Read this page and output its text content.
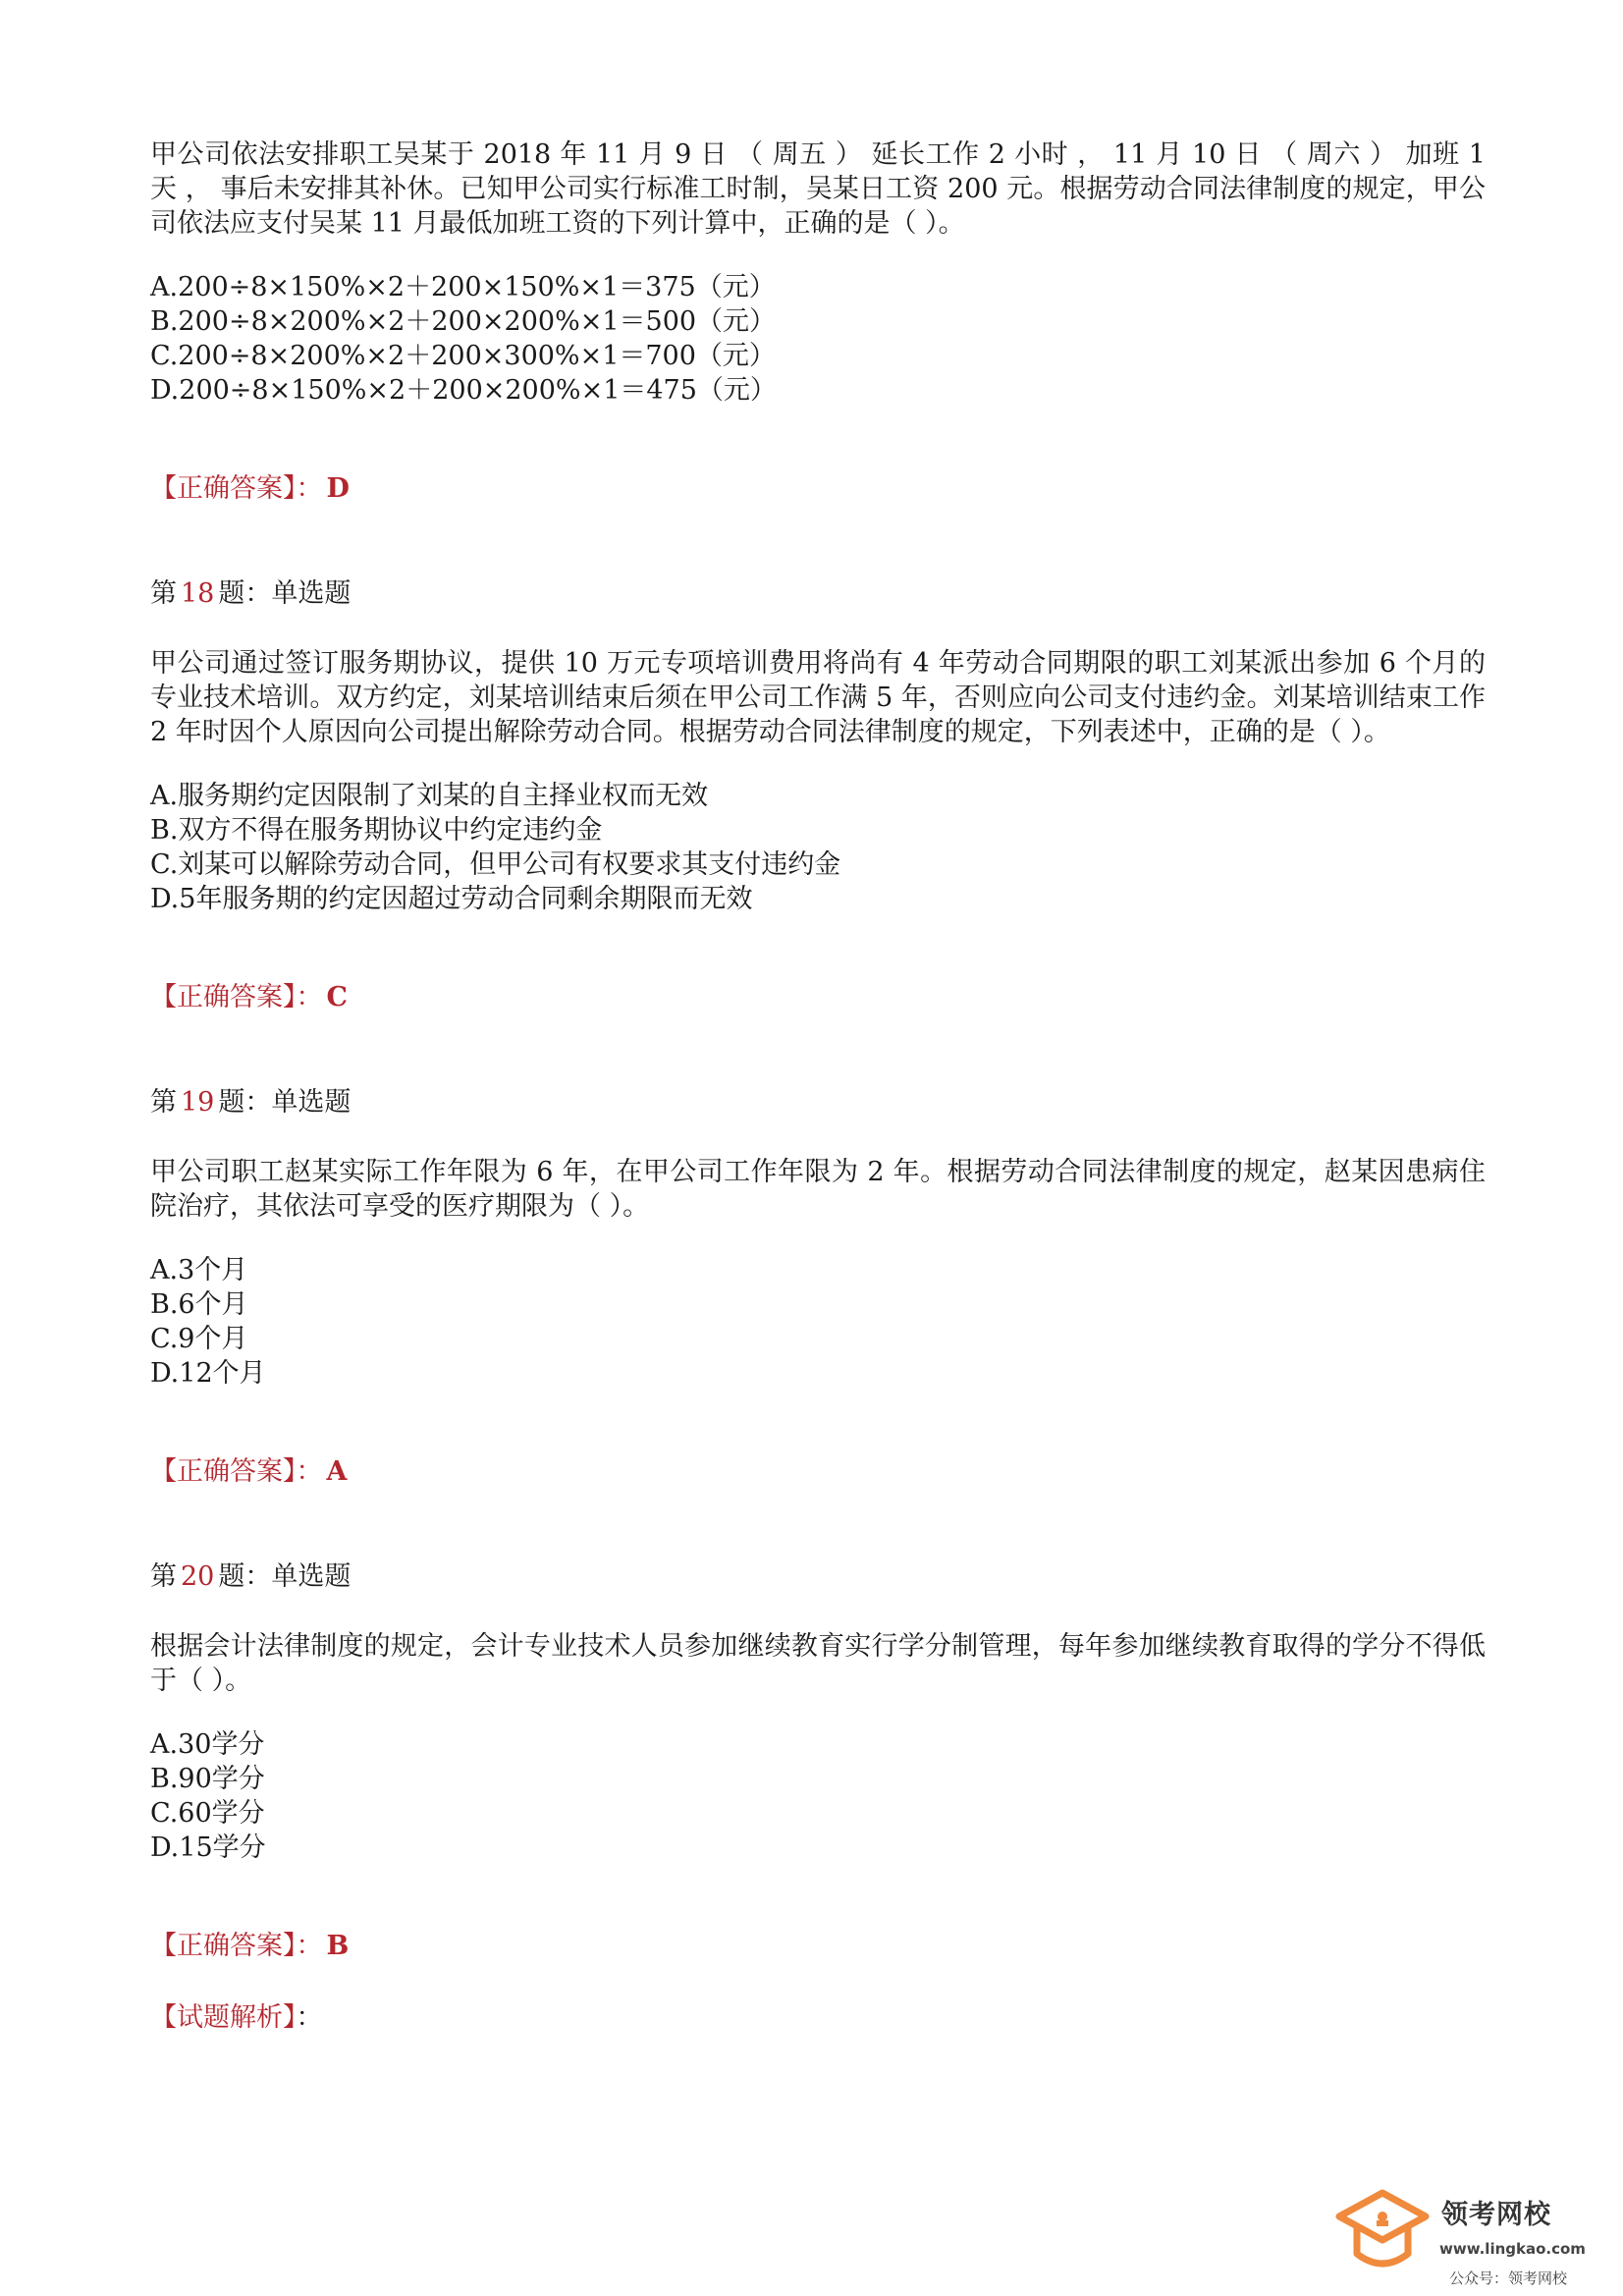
甲公司依法安排职工吴某于 2018 年 11 月 9 日 （ 周五 ） 延长工作 2 小时 ， 11 月 10 日 （ 周六 ） 加班 1 天 ， 事后未安排其补休。已知甲公司实行标准工时制，吴某日工资 200 元。根据劳动合同法律制度的规定，甲公司依法应支付吴某 11 月最低加班工资的下列计算中，正确的是（ ）。

A.200÷8×150%×2＋200×150%×1＝375（元）
B.200÷8×200%×2＋200×200%×1＝500（元）
C.200÷8×200%×2＋200×300%×1＝700（元）
D.200÷8×150%×2＋200×200%×1＝475（元）
【正确答案】： D
第 18 题：单选题

甲公司通过签订服务期协议，提供 10 万元专项培训费用将尚有 4 年劳动合同期限的职工刘某派出参加 6 个月的专业技术培训。双方约定，刘某培训结束后须在甲公司工作满 5 年，否则应向公司支付违约金。刘某培训结束工作 2 年时因个人原因向公司提出解除劳动合同。根据劳动合同法律制度的规定，下列表述中，正确的是（ ）。

A.服务期约定因限制了刘某的自主择业权而无效
B.双方不得在服务期协议中约定违约金
C.刘某可以解除劳动合同，但甲公司有权要求其支付违约金
D.5年服务期的约定因超过劳动合同剩余期限而无效
【正确答案】： C
第 19 题：单选题

甲公司职工赵某实际工作年限为 6 年，在甲公司工作年限为 2 年。根据劳动合同法律制度的规定，赵某因患病住院治疗，其依法可享受的医疗期限为（ ）。

A.3个月
B.6个月
C.9个月
D.12个月
【正确答案】： A
第 20 题：单选题

根据会计法律制度的规定，会计专业技术人员参加继续教育实行学分制管理，每年参加继续教育取得的学分不得低于（ ）。

A.30学分
B.90学分
C.60学分
D.15学分
【正确答案】： B
【试题解析】：
领考网校
www.lingkao.com
公众号：领考网校
